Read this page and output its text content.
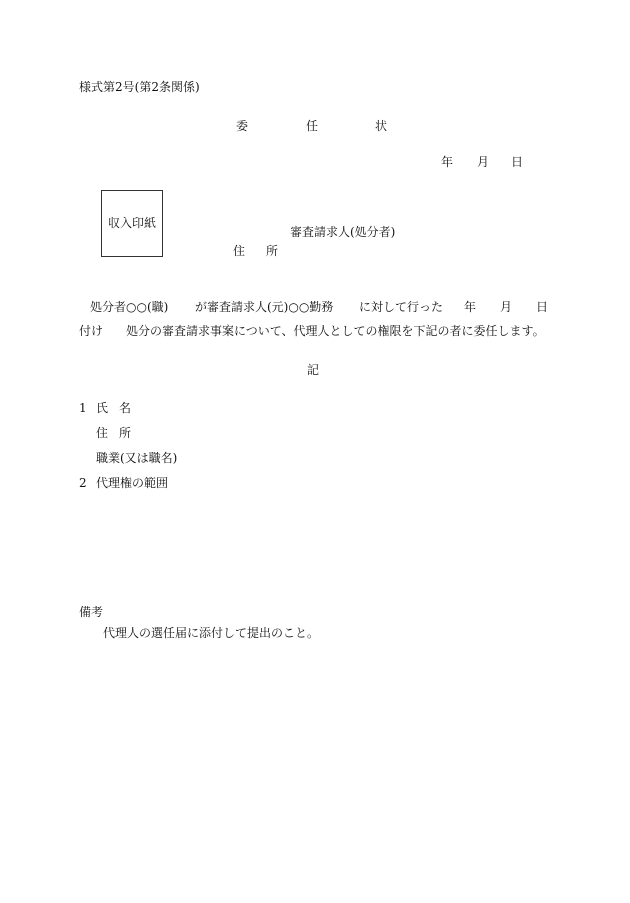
様式第2号(第2条関係)
委	任	状
年 月 日
収入印紙
審査請求人(処分者)
住 所
処分者○○(職) が審査請求人(元)○○勤務 に対して行った 年 月 日
付け 処分の審査請求事案について、代理人としての権限を下記の者に委任します。
記
1 氏 名
住 所
職業(又は職名)
2 代理権の範囲
備考
代理人の選任届に添付して提出のこと。
